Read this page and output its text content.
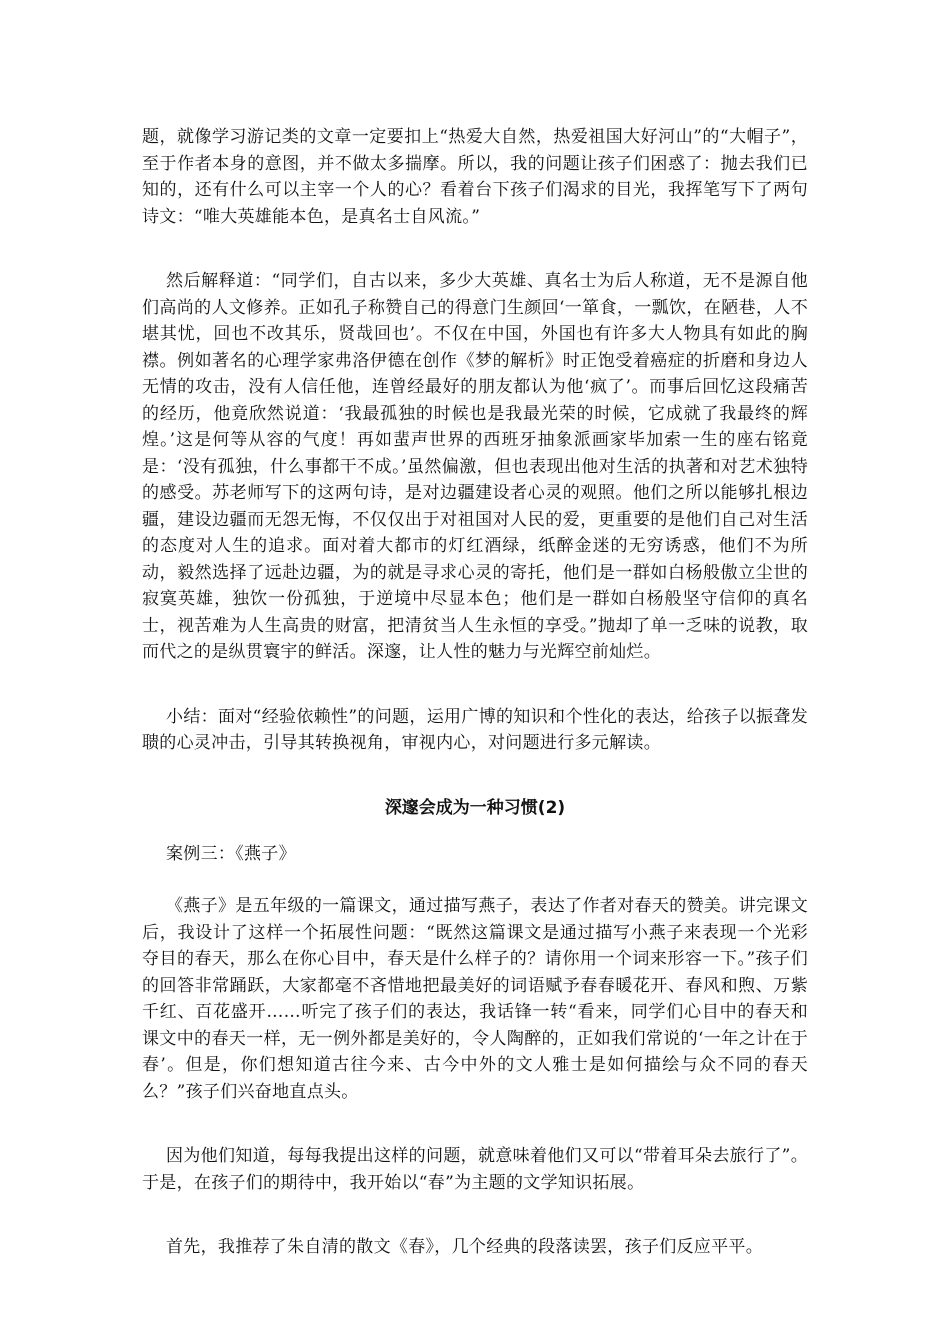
题，就像学习游记类的文章一定要扣上“热爱大自然，热爱祖国大好河山”的“大帽子”，至于作者本身的意图，并不做太多揣摩。所以，我的问题让孩子们困惑了：抛去我们已知的，还有什么可以主宰一个人的心？看着台下孩子们渴求的目光，我挥笔写下了两句诗文：“唯大英雄能本色，是真名士自风流。”

然后解释道：“同学们，自古以来，多少大英雄、真名士为后人称道，无不是源自他们高尚的人文修养。正如孔子称赞自己的得意门生颜回‘一箪食，一瓢饮，在陋巷，人不堪其忧，回也不改其乐，贤哉回也’。不仅在中国，外国也有许多大人物具有如此的胸襟。例如著名的心理学家弗洛伊德在创作《梦的解析》时正饱受着癌症的折磨和身边人无情的攻击，没有人信任他，连曾经最好的朋友都认为他‘疯了’。而事后回忆这段痛苦的经历，他竟欣然说道：‘我最孤独的时候也是我最光荣的时候，它成就了我最终的辉煌。’这是何等从容的气度！再如蜚声世界的西班牙抽象派画家毕加索一生的座右铭竟是：‘没有孤独，什么事都干不成。’虽然偏激，但也表现出他对生活的执著和对艺术独特的感受。苏老师写下的这两句诗，是对边疆建设者心灵的观照。他们之所以能够扎根边疆，建设边疆而无怨无悔，不仅仅出于对祖国对人民的爱，更重要的是他们自己对生活的态度对人生的追求。面对着大都市的灯红酒绿，纸醉金迷的无穷诱惑，他们不为所动，毅然选择了远赴边疆，为的就是寻求心灵的寄托，他们是一群如白杨般傲立尘世的寂寞英雄，独饮一份孤独，于逆境中尽显本色；他们是一群如白杨般坚守信仰的真名士，视苦难为人生高贵的财富，把清贫当人生永恒的享受。”抛却了单一乏味的说教，取而代之的是纵贯寰宇的鲜活。深邃，让人性的魅力与光辉空前灿烂。

小结：面对“经验依赖性”的问题，运用广博的知识和个性化的表达，给孩子以振聋发聩的心灵冲击，引导其转换视角，审视内心，对问题进行多元解读。

深邃会成为一种习惯(2)

案例三：《燕子》

《燕子》是五年级的一篇课文，通过描写燕子，表达了作者对春天的赞美。讲完课文后，我设计了这样一个拓展性问题：“既然这篇课文是通过描写小燕子来表现一个光彩夺目的春天，那么在你心目中，春天是什么样子的？请你用一个词来形容一下。”孩子们的回答非常踊跃，大家都毫不吝惜地把最美好的词语赋予春春暖花开、春风和煦、万紫千红、百花盛开……听完了孩子们的表达，我话锋一转“看来，同学们心目中的春天和课文中的春天一样，无一例外都是美好的，令人陶醉的，正如我们常说的‘一年之计在于春’。但是，你们想知道古往今来、古今中外的文人雅士是如何描绘与众不同的春天么？”孩子们兴奋地直点头。

因为他们知道，每每我提出这样的问题，就意味着他们又可以“带着耳朵去旅行了”。于是，在孩子们的期待中，我开始以“春”为主题的文学知识拓展。

首先，我推荐了朱自清的散文《春》，几个经典的段落读罢，孩子们反应平平。
